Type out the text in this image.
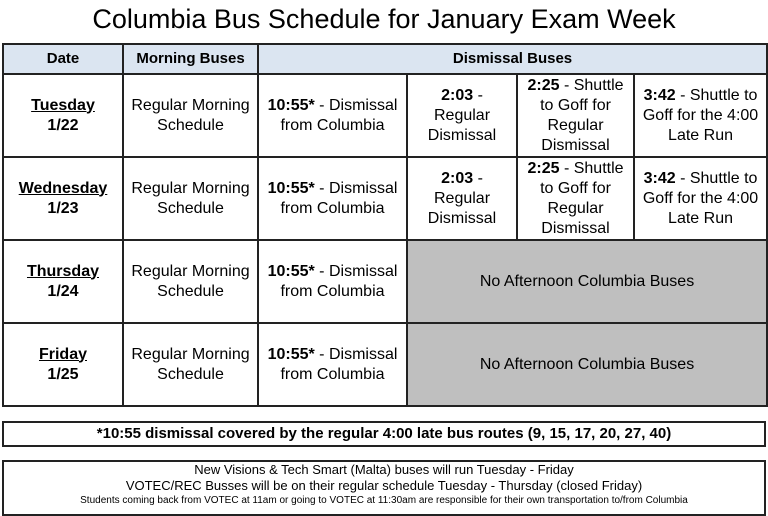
Columbia Bus Schedule for January Exam Week
Date	Morning Buses	Dismissal Buses			

Tuesday
1/22	Regular Morning Schedule	10:55* - Dismissal from Columbia	2:03 - Regular Dismissal	2:25 - Shuttle to Goff for Regular Dismissal	3:42 - Shuttle to Goff for the 4:00 Late Run

Wednesday
1/23	Regular Morning Schedule	10:55* - Dismissal from Columbia	2:03 - Regular Dismissal	2:25 - Shuttle to Goff for Regular Dismissal	3:42 - Shuttle to Goff for the 4:00 Late Run

Thursday
1/24	Regular Morning Schedule	10:55* - Dismissal from Columbia	No Afternoon Columbia Buses		

Friday
1/25	Regular Morning Schedule	10:55* - Dismissal from Columbia	No Afternoon Columbia Buses		
*10:55 dismissal covered by the regular 4:00 late bus routes (9, 15, 17, 20, 27, 40)
New Visions & Tech Smart (Malta) buses will run Tuesday - Friday
VOTEC/REC Busses will be on their regular schedule Tuesday - Thursday (closed Friday)
Students coming back from VOTEC at 11am or going to VOTEC at 11:30am are responsible for their own transportation to/from Columbia
